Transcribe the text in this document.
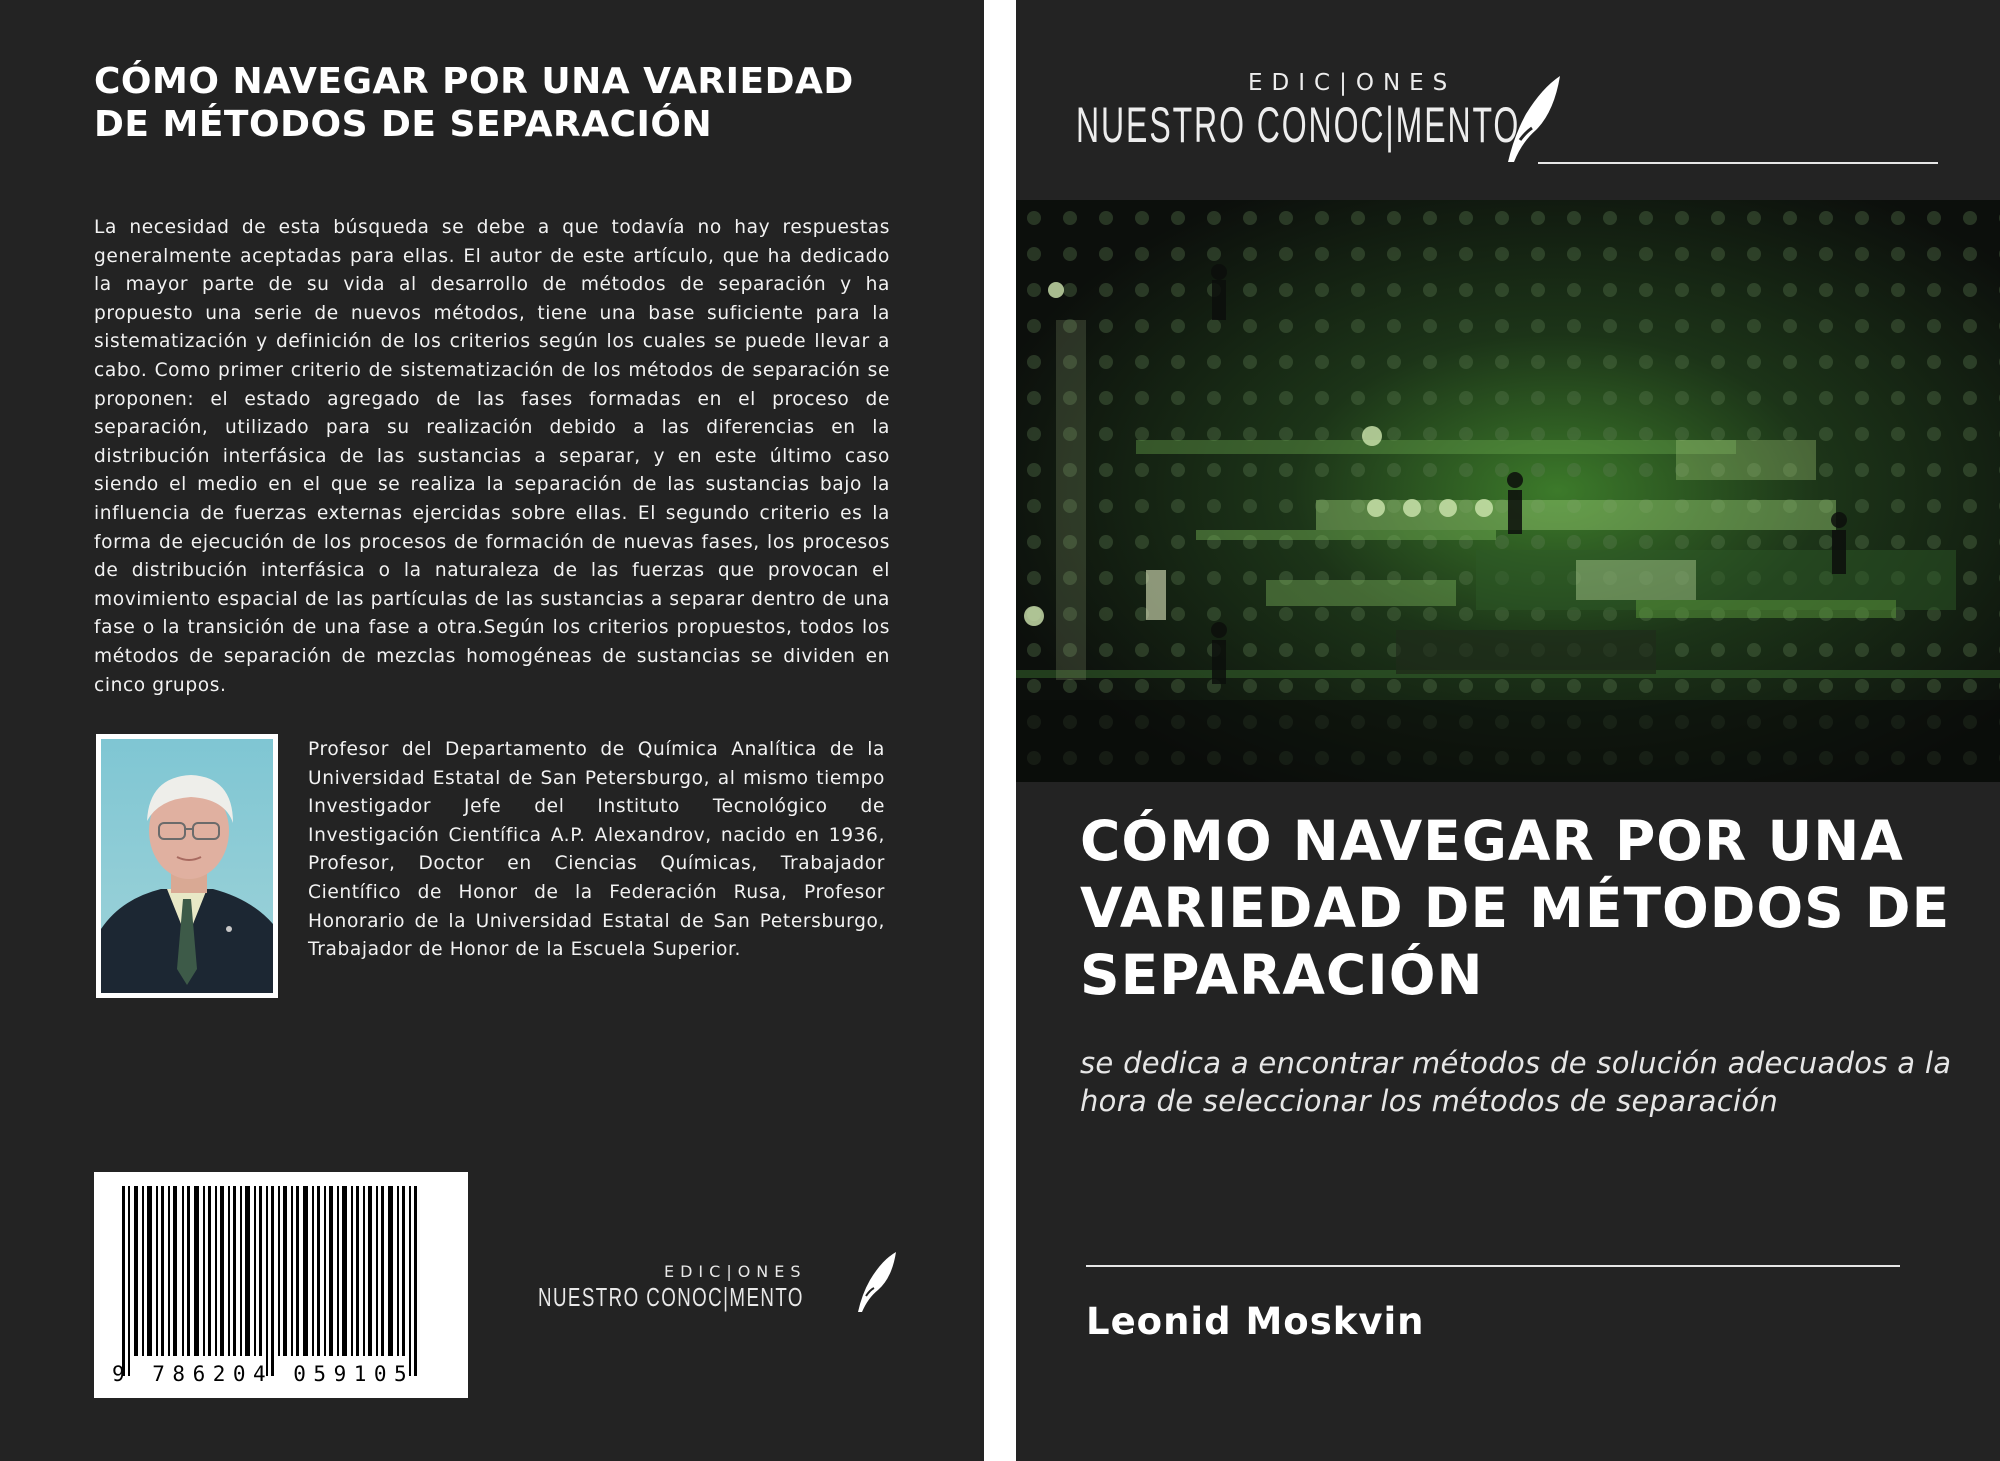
CÓMO NAVEGAR POR UNA VARIEDAD DE MÉTODOS DE SEPARACIÓN

La necesidad de esta búsqueda se debe a que todavía no hay respuestas generalmente aceptadas para ellas. El autor de este artículo, que ha dedicado la mayor parte de su vida al desarrollo de métodos de separación y ha propuesto una serie de nuevos métodos, tiene una base suficiente para la sistematización y definición de los criterios según los cuales se puede llevar a cabo. Como primer criterio de sistematización de los métodos de separación se proponen: el estado agregado de las fases formadas en el proceso de separación, utilizado para su realización debido a las diferencias en la distribución interfásica de las sustancias a separar, y en este último caso siendo el medio en el que se realiza la separación de las sustancias bajo la influencia de fuerzas externas ejercidas sobre ellas. El segundo criterio es la forma de ejecución de los procesos de formación de nuevas fases, los procesos de distribución interfásica o la naturaleza de las fuerzas que provocan el movimiento espacial de las partículas de las sustancias a separar dentro de una fase o la transición de una fase a otra.Según los criterios propuestos, todos los métodos de separación de mezclas homogéneas de sustancias se dividen en cinco grupos.

Profesor del Departamento de Química Analítica de la Universidad Estatal de San Petersburgo, al mismo tiempo Investigador Jefe del Instituto Tecnológico de Investigación Científica A.P. Alexandrov, nacido en 1936, Profesor, Doctor en Ciencias Químicas, Trabajador Científico de Honor de la Federación Rusa, Profesor Honorario de la Universidad Estatal de San Petersburgo, Trabajador de Honor de la Escuela Superior.

9 786204 059105
EDIC|ONES
NUESTRO CONOC|MENTO
EDIC|ONES
NUESTRO CONOC|MENTO
CÓMO NAVEGAR POR UNA VARIEDAD DE MÉTODOS DE SEPARACIÓN

se dedica a encontrar métodos de solución adecuados a la hora de seleccionar los métodos de separación

Leonid Moskvin
